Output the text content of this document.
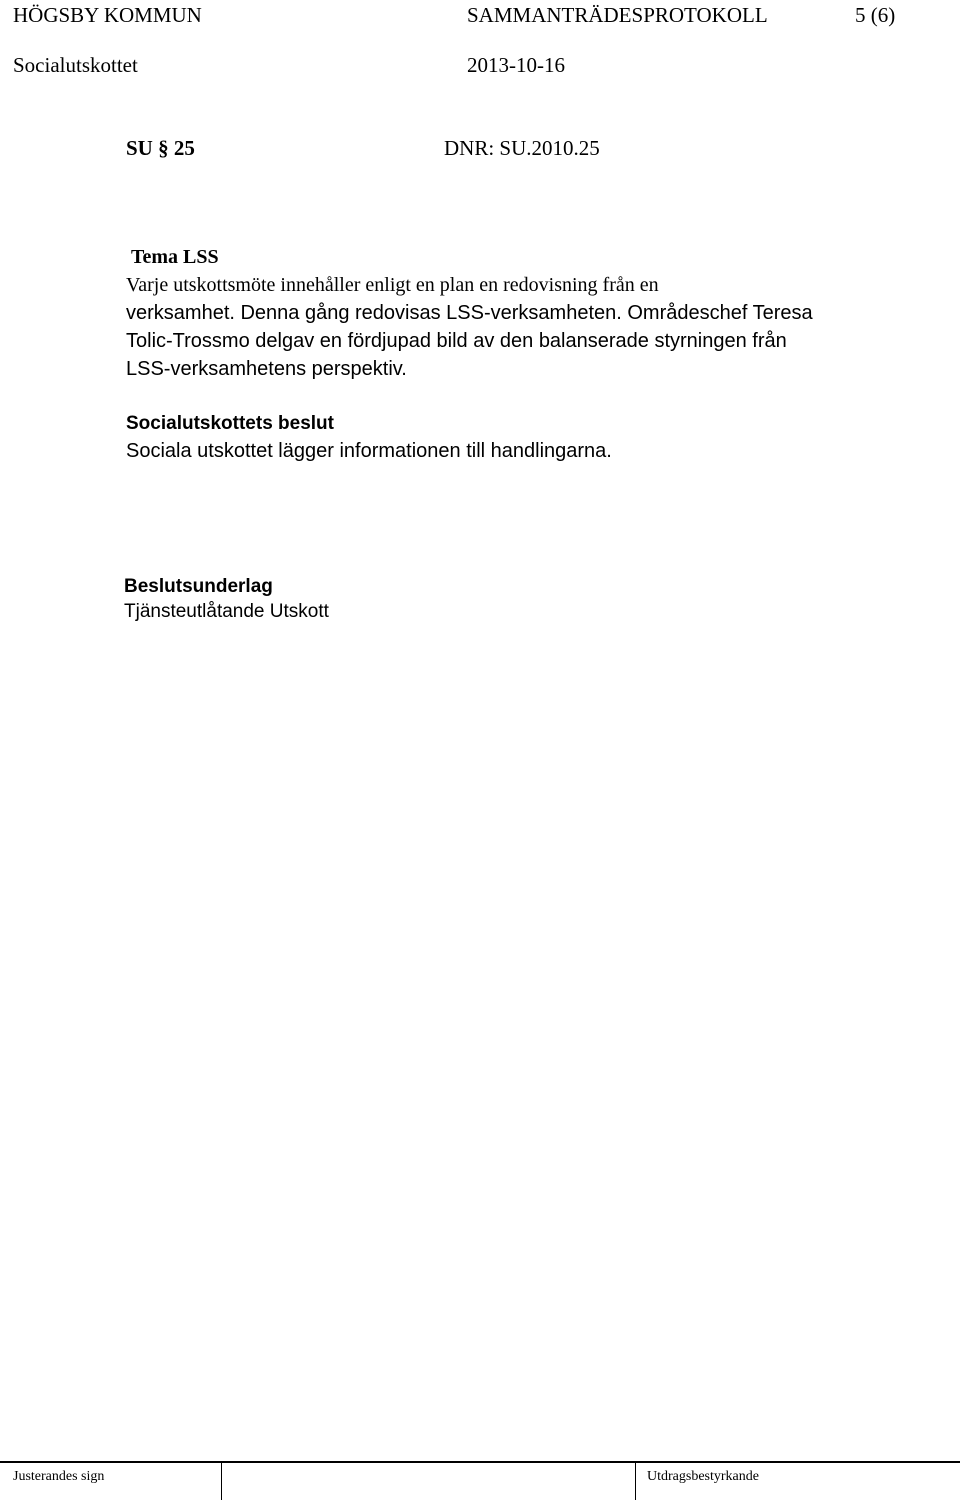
HÖGSBY KOMMUN	SAMMANTRÄDESPROTOKOLL	5 (6)
Socialutskottet	2013-10-16
SU § 25	DNR: SU.2010.25
Tema LSS
Varje utskottsmöte innehåller enligt en plan en redovisning från en
verksamhet. Denna gång redovisas LSS-verksamheten. Områdeschef Teresa
Tolic-Trossmo delgav en fördjupad bild av den balanserade styrningen från
LSS-verksamhetens perspektiv.
Socialutskottets beslut
Sociala utskottet lägger informationen till handlingarna.
Beslutsunderlag
Tjänsteutlåtande Utskott
Justerandes sign	Utdragsbestyrkande
